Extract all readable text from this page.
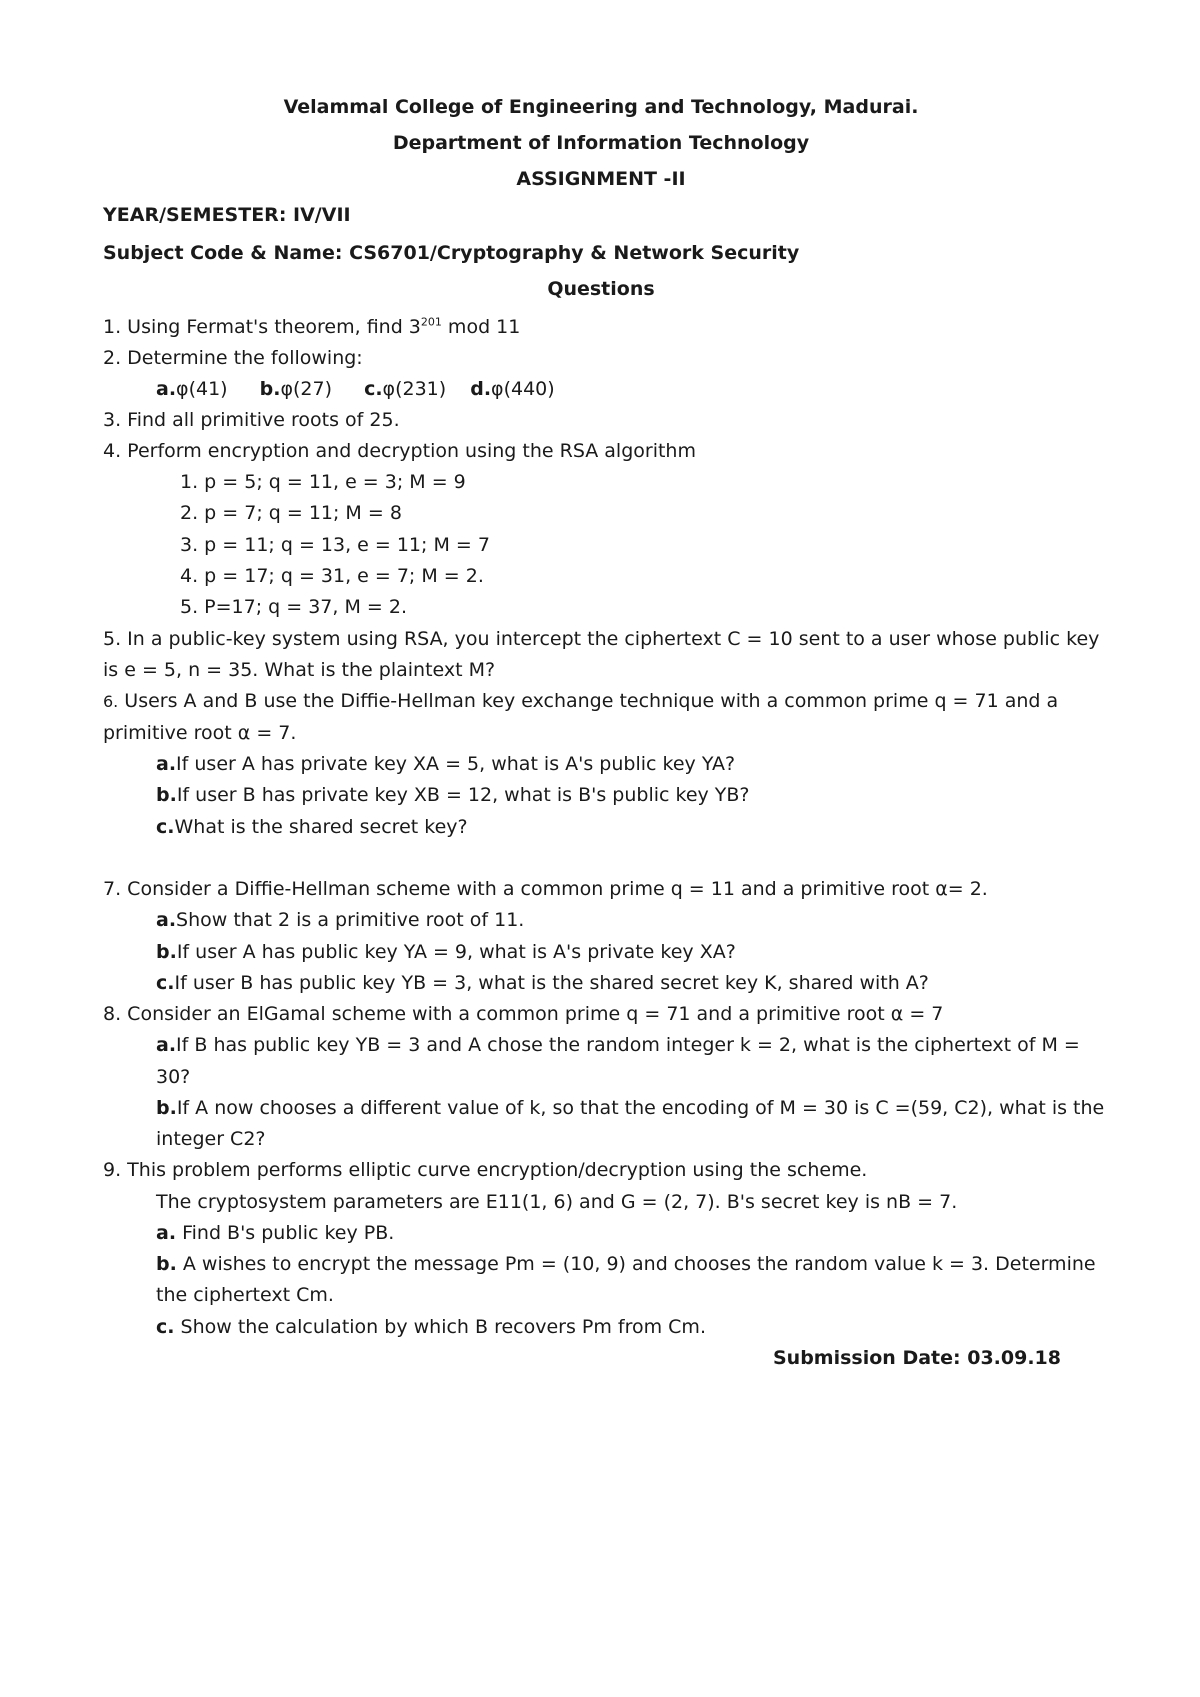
Velammal College of Engineering and Technology, Madurai.
Department of Information Technology
ASSIGNMENT -II
YEAR/SEMESTER: IV/VII
Subject Code & Name: CS6701/Cryptography & Network Security
Questions
1. Using Fermat's theorem, find $3^{201}$ mod 11
2. Determine the following:
a.φ(41) b.φ(27) c.φ(231) d.φ(440)
3. Find all primitive roots of 25.
4. Perform encryption and decryption using the RSA algorithm
1. p = 5; q = 11, e = 3; M = 9
2. p = 7; q = 11; M = 8
3. p = 11; q = 13, e = 11; M = 7
4. p = 17; q = 31, e = 7; M = 2.
5. P=17; q = 37, M = 2.
5. In a public-key system using RSA, you intercept the ciphertext C = 10 sent to a user whose public key
is e = 5, n = 35. What is the plaintext M?
6. Users A and B use the Diffie-Hellman key exchange technique with a common prime q = 71 and a
primitive root α = 7.
a.If user A has private key XA = 5, what is A's public key YA?
b.If user B has private key XB = 12, what is B's public key YB?
c.What is the shared secret key?
7. Consider a Diffie-Hellman scheme with a common prime q = 11 and a primitive root α= 2.
a.Show that 2 is a primitive root of 11.
b.If user A has public key YA = 9, what is A's private key XA?
c.If user B has public key YB = 3, what is the shared secret key K, shared with A?
8. Consider an ElGamal scheme with a common prime q = 71 and a primitive root α = 7
a.If B has public key YB = 3 and A chose the random integer k = 2, what is the ciphertext of M =
30?
b.If A now chooses a different value of k, so that the encoding of M = 30 is C =(59, C2), what is the
integer C2?
9. This problem performs elliptic curve encryption/decryption using the scheme.
The cryptosystem parameters are E11(1, 6) and G = (2, 7). B's secret key is nB = 7.
a. Find B's public key PB.
b. A wishes to encrypt the message Pm = (10, 9) and chooses the random value k = 3. Determine
the ciphertext Cm.
c. Show the calculation by which B recovers Pm from Cm.
Submission Date: 03.09.18
